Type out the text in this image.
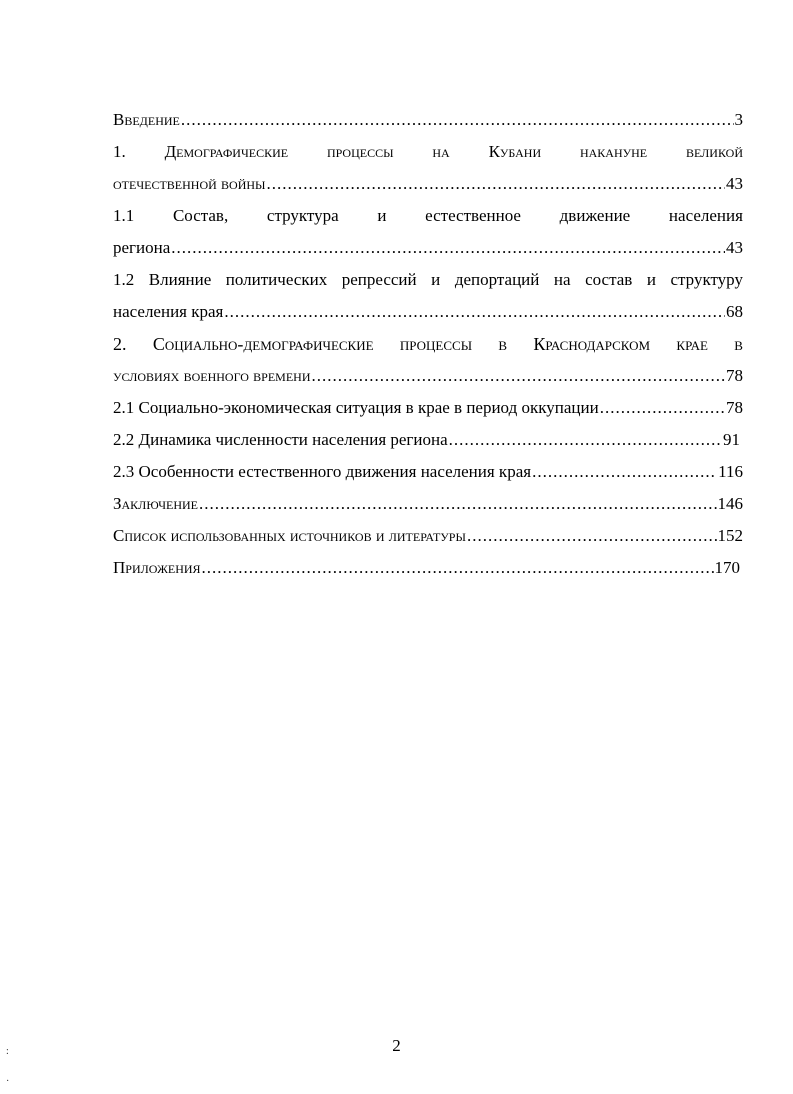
Введение .....	3
1. Демографические процессы на Кубани накануне великой
отечественной войны .....	43
1.1 Состав, структура и естественное движение населения
региона .....	43
1.2 Влияние политических репрессий и депортаций на состав и структуру
населения края .....	68
2. Социально-демографические процессы в Краснодарском крае в
условиях военного времени .....	78
2.1 Социально-экономическая ситуация в крае в период оккупации .....	78
2.2 Динамика численности населения региона .....	91
2.3 Особенности естественного движения населения края .....	116
Заключение .....	146
Список использованных источников и литературы .....	152
Приложения .....	170
2
:
·
